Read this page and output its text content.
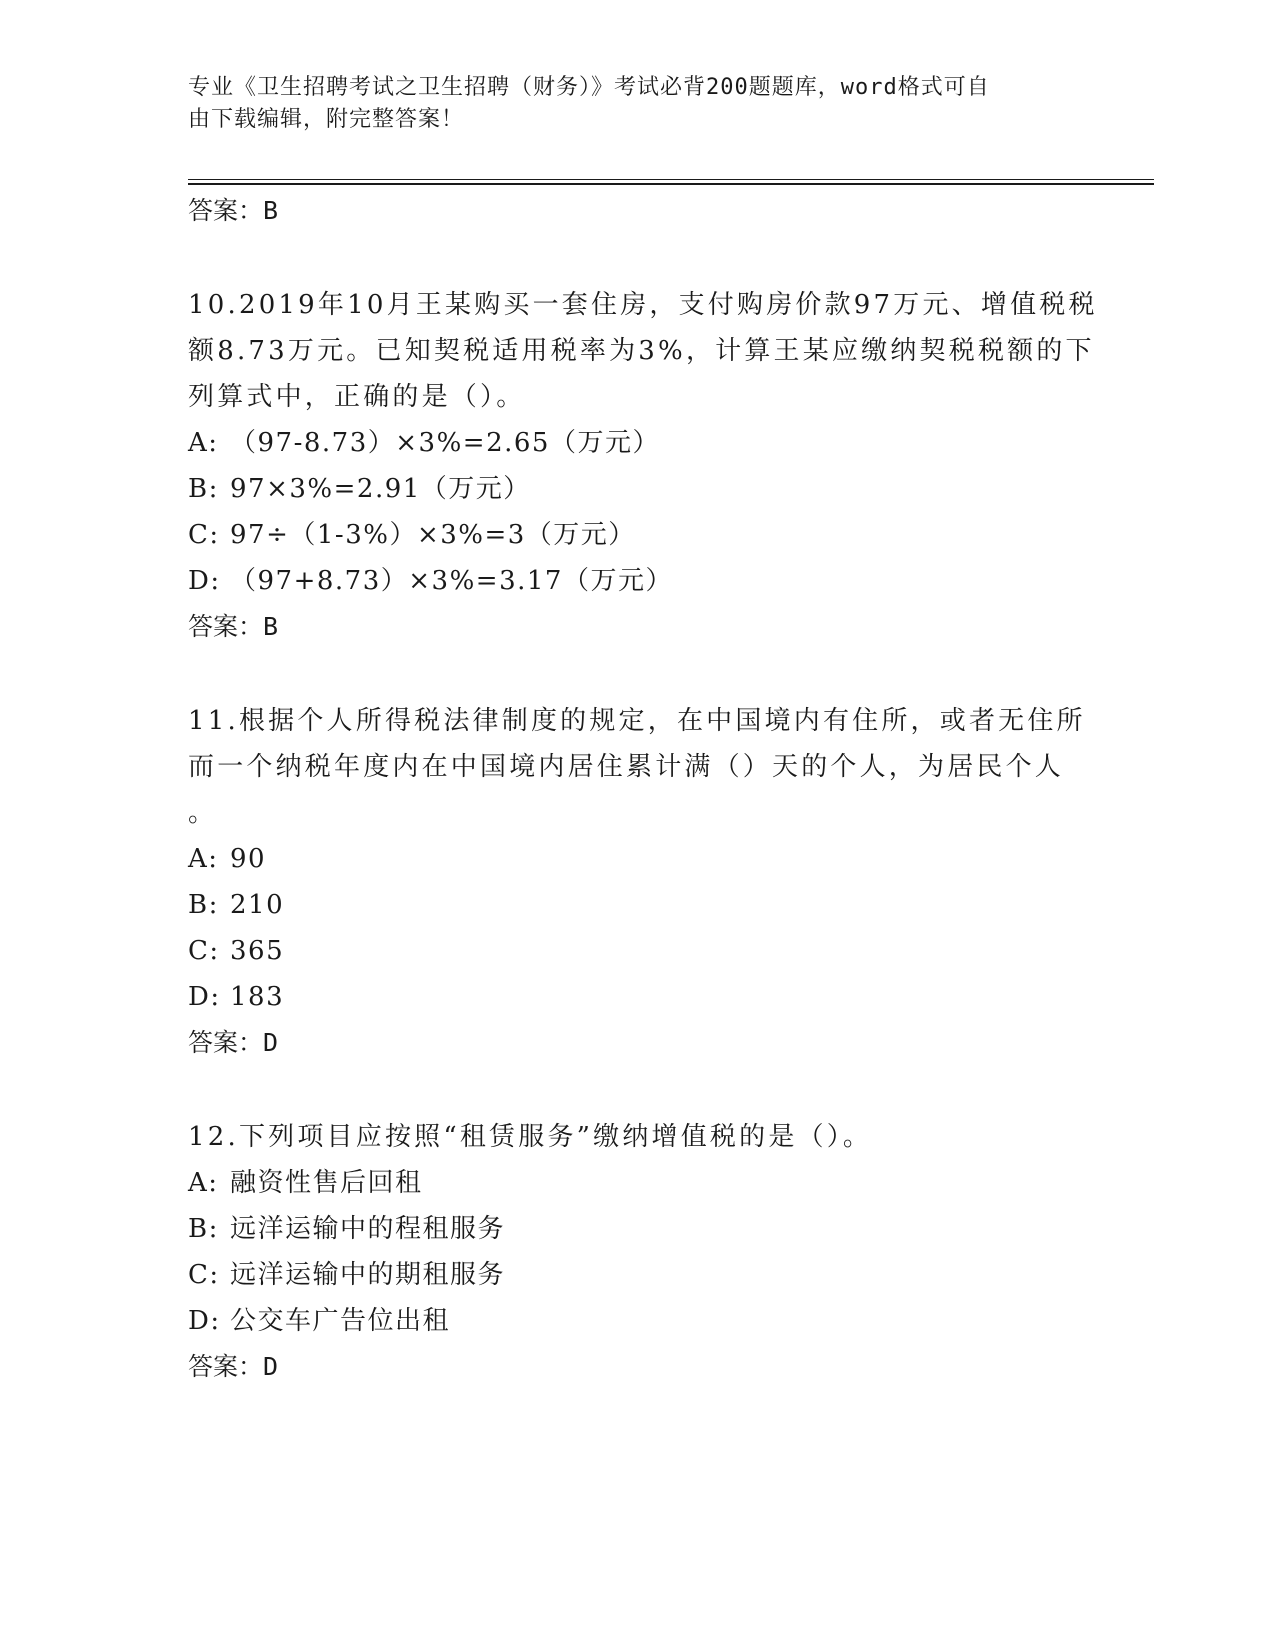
专业《卫生招聘考试之卫生招聘（财务）》考试必背200题题库，word格式可自
由下载编辑，附完整答案！
答案：B
10.2019年10月王某购买一套住房，支付购房价款97万元、增值税税
额8.73万元。已知契税适用税率为3%，计算王某应缴纳契税税额的下
列算式中，正确的是（）。
A: （97-8.73）×3%=2.65（万元）
B: 97×3%=2.91（万元）
C: 97÷（1-3%）×3%=3（万元）
D: （97+8.73）×3%=3.17（万元）
答案：B
11.根据个人所得税法律制度的规定，在中国境内有住所，或者无住所
而一个纳税年度内在中国境内居住累计满（）天的个人，为居民个人
。
A: 90
B: 210
C: 365
D: 183
答案：D
12.下列项目应按照“租赁服务”缴纳增值税的是（）。
A: 融资性售后回租
B: 远洋运输中的程租服务
C: 远洋运输中的期租服务
D: 公交车广告位出租
答案：D
